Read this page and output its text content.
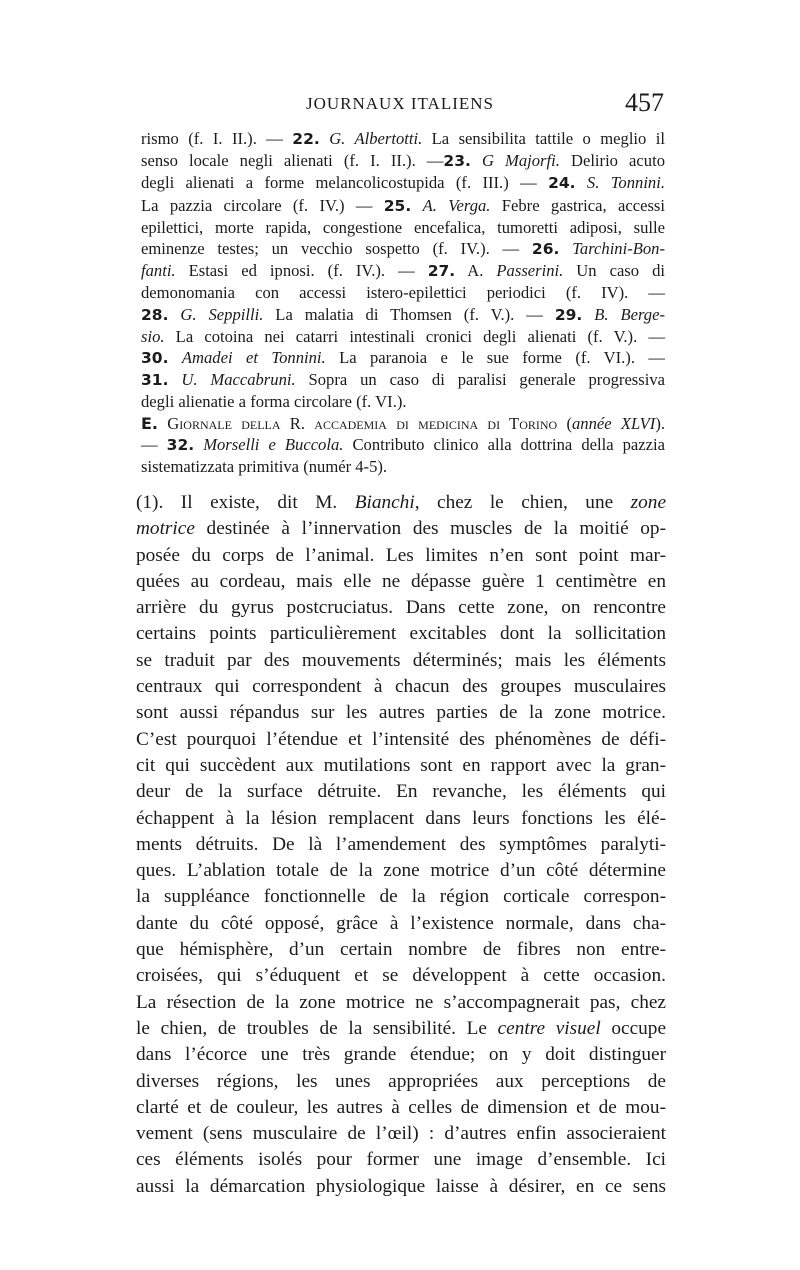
JOURNAUX ITALIENS	457
rismo (f. I. II.). — 22. G. Albertotti. La sensibilita tattile o meglio il
senso locale negli alienati (f. I. II.). —23. G Majorfi. Delirio acuto
degli alienati a forme melancolicostupida (f. III.) — 24. S. Tonnini.
La pazzia circolare (f. IV.) — 25. A. Verga. Febre gastrica, accessi
epilettici, morte rapida, congestione encefalica, tumoretti adiposi, sulle
eminenze testes; un vecchio sospetto (f. IV.). — 26. Tarchini-Bon-
fanti. Estasi ed ipnosi. (f. IV.). — 27. A. Passerini. Un caso di
demonomania con accessi istero-epilettici periodici (f. IV). —
28. G. Seppilli. La malatia di Thomsen (f. V.). — 29. B. Berge-
sio. La cotoina nei catarri intestinali cronici degli alienati (f. V.). —
30. Amadei et Tonnini. La paranoia e le sue forme (f. VI.). —
31. U. Maccabruni. Sopra un caso di paralisi generale progressiva
degli alienatie a forma circolare (f. VI.).
E. Giornale della R. accademia di medicina di Torino (année XLVI).
— 32. Morselli e Buccola. Contributo clinico alla dottrina della pazzia
sistematizzata primitiva (numér 4-5).
(1). Il existe, dit M. Bianchi, chez le chien, une zone
motrice destinée à l’innervation des muscles de la moitié op-
posée du corps de l’animal. Les limites n’en sont point mar-
quées au cordeau, mais elle ne dépasse guère 1 centimètre en
arrière du gyrus postcruciatus. Dans cette zone, on rencontre
certains points particulièrement excitables dont la sollicitation
se traduit par des mouvements déterminés; mais les éléments
centraux qui correspondent à chacun des groupes musculaires
sont aussi répandus sur les autres parties de la zone motrice.
C’est pourquoi l’étendue et l’intensité des phénomènes de défi-
cit qui succèdent aux mutilations sont en rapport avec la gran-
deur de la surface détruite. En revanche, les éléments qui
échappent à la lésion remplacent dans leurs fonctions les élé-
ments détruits. De là l’amendement des symptômes paralyti-
ques. L’ablation totale de la zone motrice d’un côté détermine
la suppléance fonctionnelle de la région corticale correspon-
dante du côté opposé, grâce à l’existence normale, dans cha-
que hémisphère, d’un certain nombre de fibres non entre-
croisées, qui s’éduquent et se développent à cette occasion.
La résection de la zone motrice ne s’accompagnerait pas, chez
le chien, de troubles de la sensibilité. Le centre visuel occupe
dans l’écorce une très grande étendue; on y doit distinguer
diverses régions, les unes appropriées aux perceptions de
clarté et de couleur, les autres à celles de dimension et de mou-
vement (sens musculaire de l’œil) : d’autres enfin associeraient
ces éléments isolés pour former une image d’ensemble. Ici
aussi la démarcation physiologique laisse à désirer, en ce sens
